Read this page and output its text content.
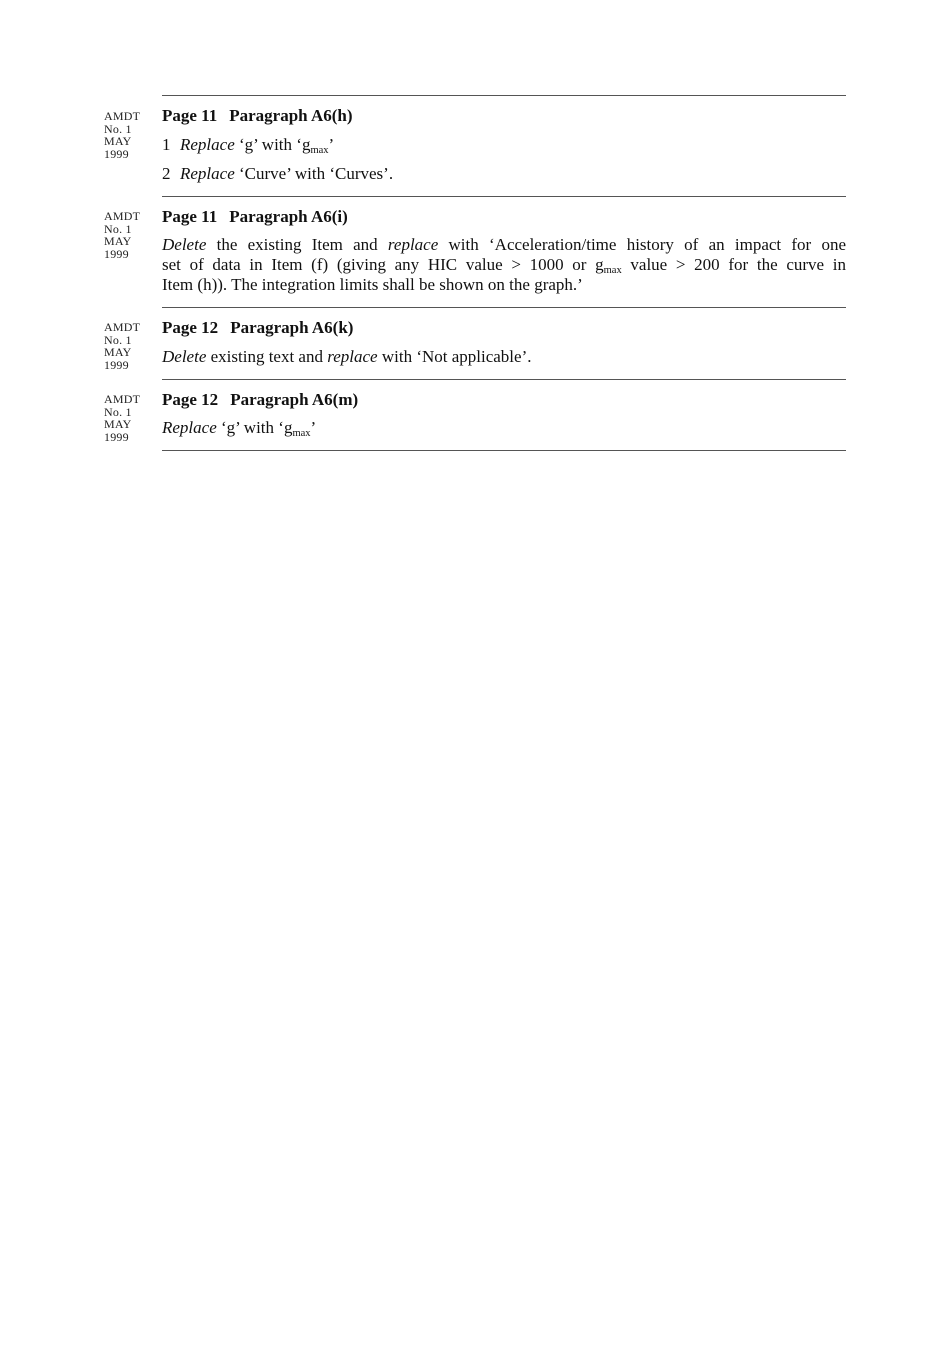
AMDT
No. 1
MAY
1999
Page 11 Paragraph A6(h)
1 Replace ‘g’ with ‘$g_{max}$’
2 Replace ‘Curve’ with ‘Curves’.
AMDT
No. 1
MAY
1999
Page 11 Paragraph A6(i)
Delete the existing Item and replace with ‘Acceleration/time history of an impact for one
set of data in Item (f) (giving any HIC value > 1000 or $g_{max}$ value > 200 for the curve in
Item (h)). The integration limits shall be shown on the graph.’
AMDT
No. 1
MAY
1999
Page 12 Paragraph A6(k)
Delete existing text and replace with ‘Not applicable’.
AMDT
No. 1
MAY
1999
Page 12 Paragraph A6(m)
Replace ‘g’ with ‘$g_{max}$’
